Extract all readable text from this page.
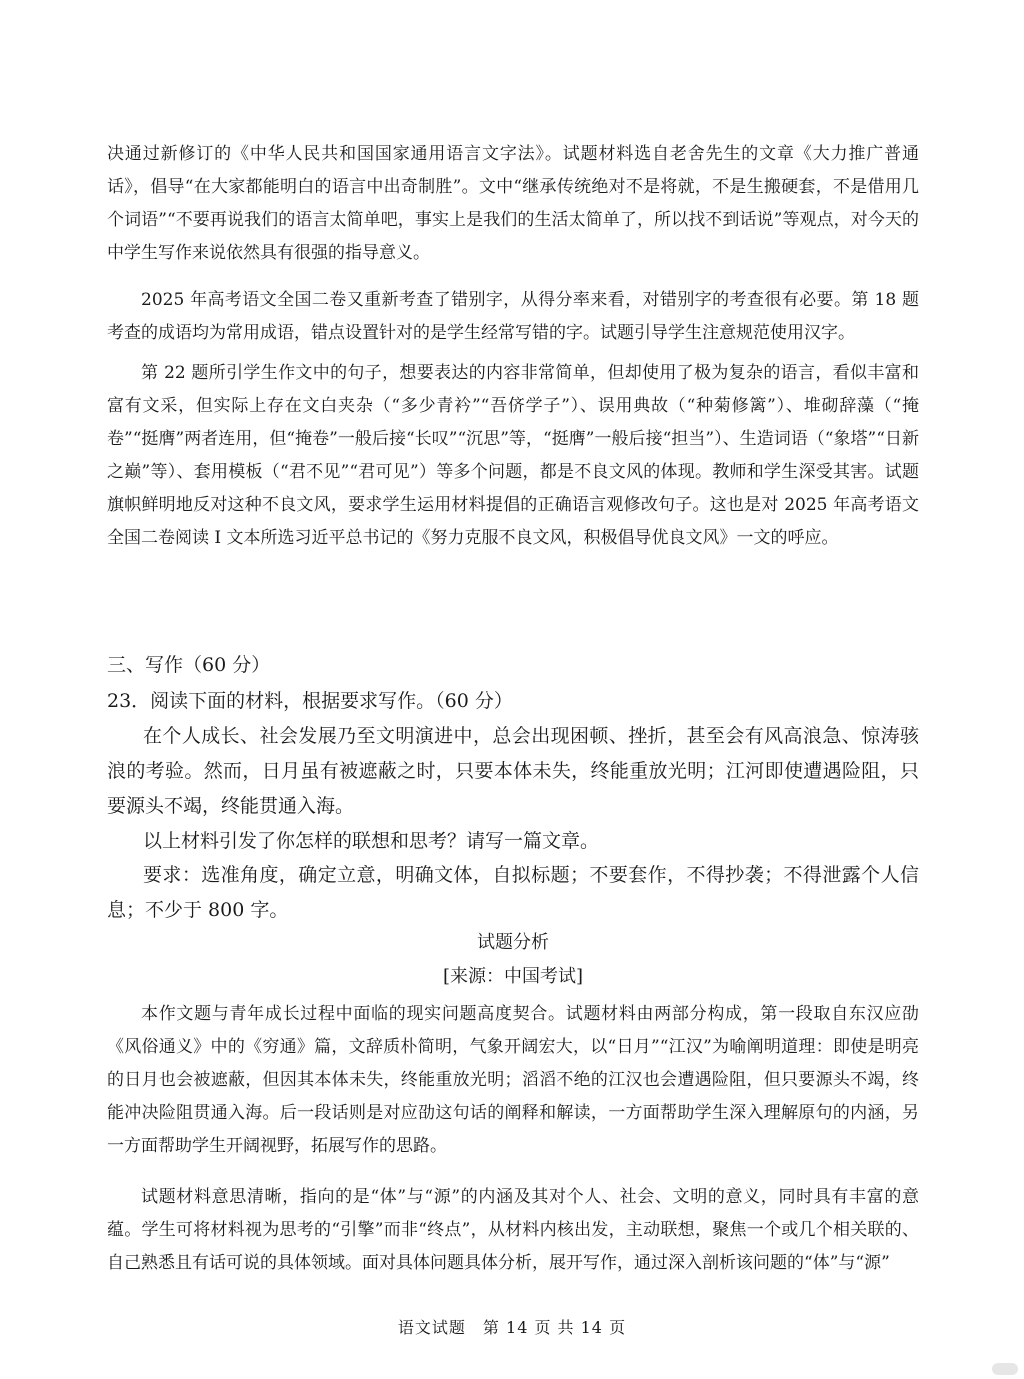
决通过新修订的《中华人民共和国国家通用语言文字法》。试题材料选自老舍先生的文章《大力推广普通话》，倡导“在大家都能明白的语言中出奇制胜”。文中“继承传统绝对不是将就，不是生搬硬套，不是借用几个词语”“不要再说我们的语言太简单吧，事实上是我们的生活太简单了，所以找不到话说”等观点，对今天的中学生写作来说依然具有很强的指导意义。

2025 年高考语文全国二卷又重新考查了错别字，从得分率来看，对错别字的考查很有必要。第 18 题考查的成语均为常用成语，错点设置针对的是学生经常写错的字。试题引导学生注意规范使用汉字。

第 22 题所引学生作文中的句子，想要表达的内容非常简单，但却使用了极为复杂的语言，看似丰富和富有文采，但实际上存在文白夹杂（“多少青衿”“吾侪学子”）、误用典故（“种菊修篱”）、堆砌辞藻（“掩卷”“挺膺”两者连用，但“掩卷”一般后接“长叹”“沉思”等，“挺膺”一般后接“担当”）、生造词语（“象塔”“日新之巅”等）、套用模板（“君不见”“君可见”）等多个问题，都是不良文风的体现。教师和学生深受其害。试题旗帜鲜明地反对这种不良文风，要求学生运用材料提倡的正确语言观修改句子。这也是对 2025 年高考语文全国二卷阅读 I 文本所选习近平总书记的《努力克服不良文风，积极倡导优良文风》一文的呼应。

三、写作（60 分）

23．阅读下面的材料，根据要求写作。（60 分）

在个人成长、社会发展乃至文明演进中，总会出现困顿、挫折，甚至会有风高浪急、惊涛骇浪的考验。然而，日月虽有被遮蔽之时，只要本体未失，终能重放光明；江河即使遭遇险阻，只要源头不竭，终能贯通入海。

以上材料引发了你怎样的联想和思考？请写一篇文章。

要求：选准角度，确定立意，明确文体，自拟标题；不要套作，不得抄袭；不得泄露个人信息；不少于 800 字。

试题分析

[来源：中国考试]

本作文题与青年成长过程中面临的现实问题高度契合。试题材料由两部分构成，第一段取自东汉应劭《风俗通义》中的《穷通》篇，文辞质朴简明，气象开阔宏大，以“日月”“江汉”为喻阐明道理：即使是明亮的日月也会被遮蔽，但因其本体未失，终能重放光明；滔滔不绝的江汉也会遭遇险阻，但只要源头不竭，终能冲决险阻贯通入海。后一段话则是对应劭这句话的阐释和解读，一方面帮助学生深入理解原句的内涵，另一方面帮助学生开阔视野，拓展写作的思路。

试题材料意思清晰，指向的是“体”与“源”的内涵及其对个人、社会、文明的意义，同时具有丰富的意蕴。学生可将材料视为思考的“引擎”而非“终点”，从材料内核出发，主动联想，聚焦一个或几个相关联的、自己熟悉且有话可说的具体领域。面对具体问题具体分析，展开写作，通过深入剖析该问题的“体”与“源”

语文试题　第 14 页 共 14 页
